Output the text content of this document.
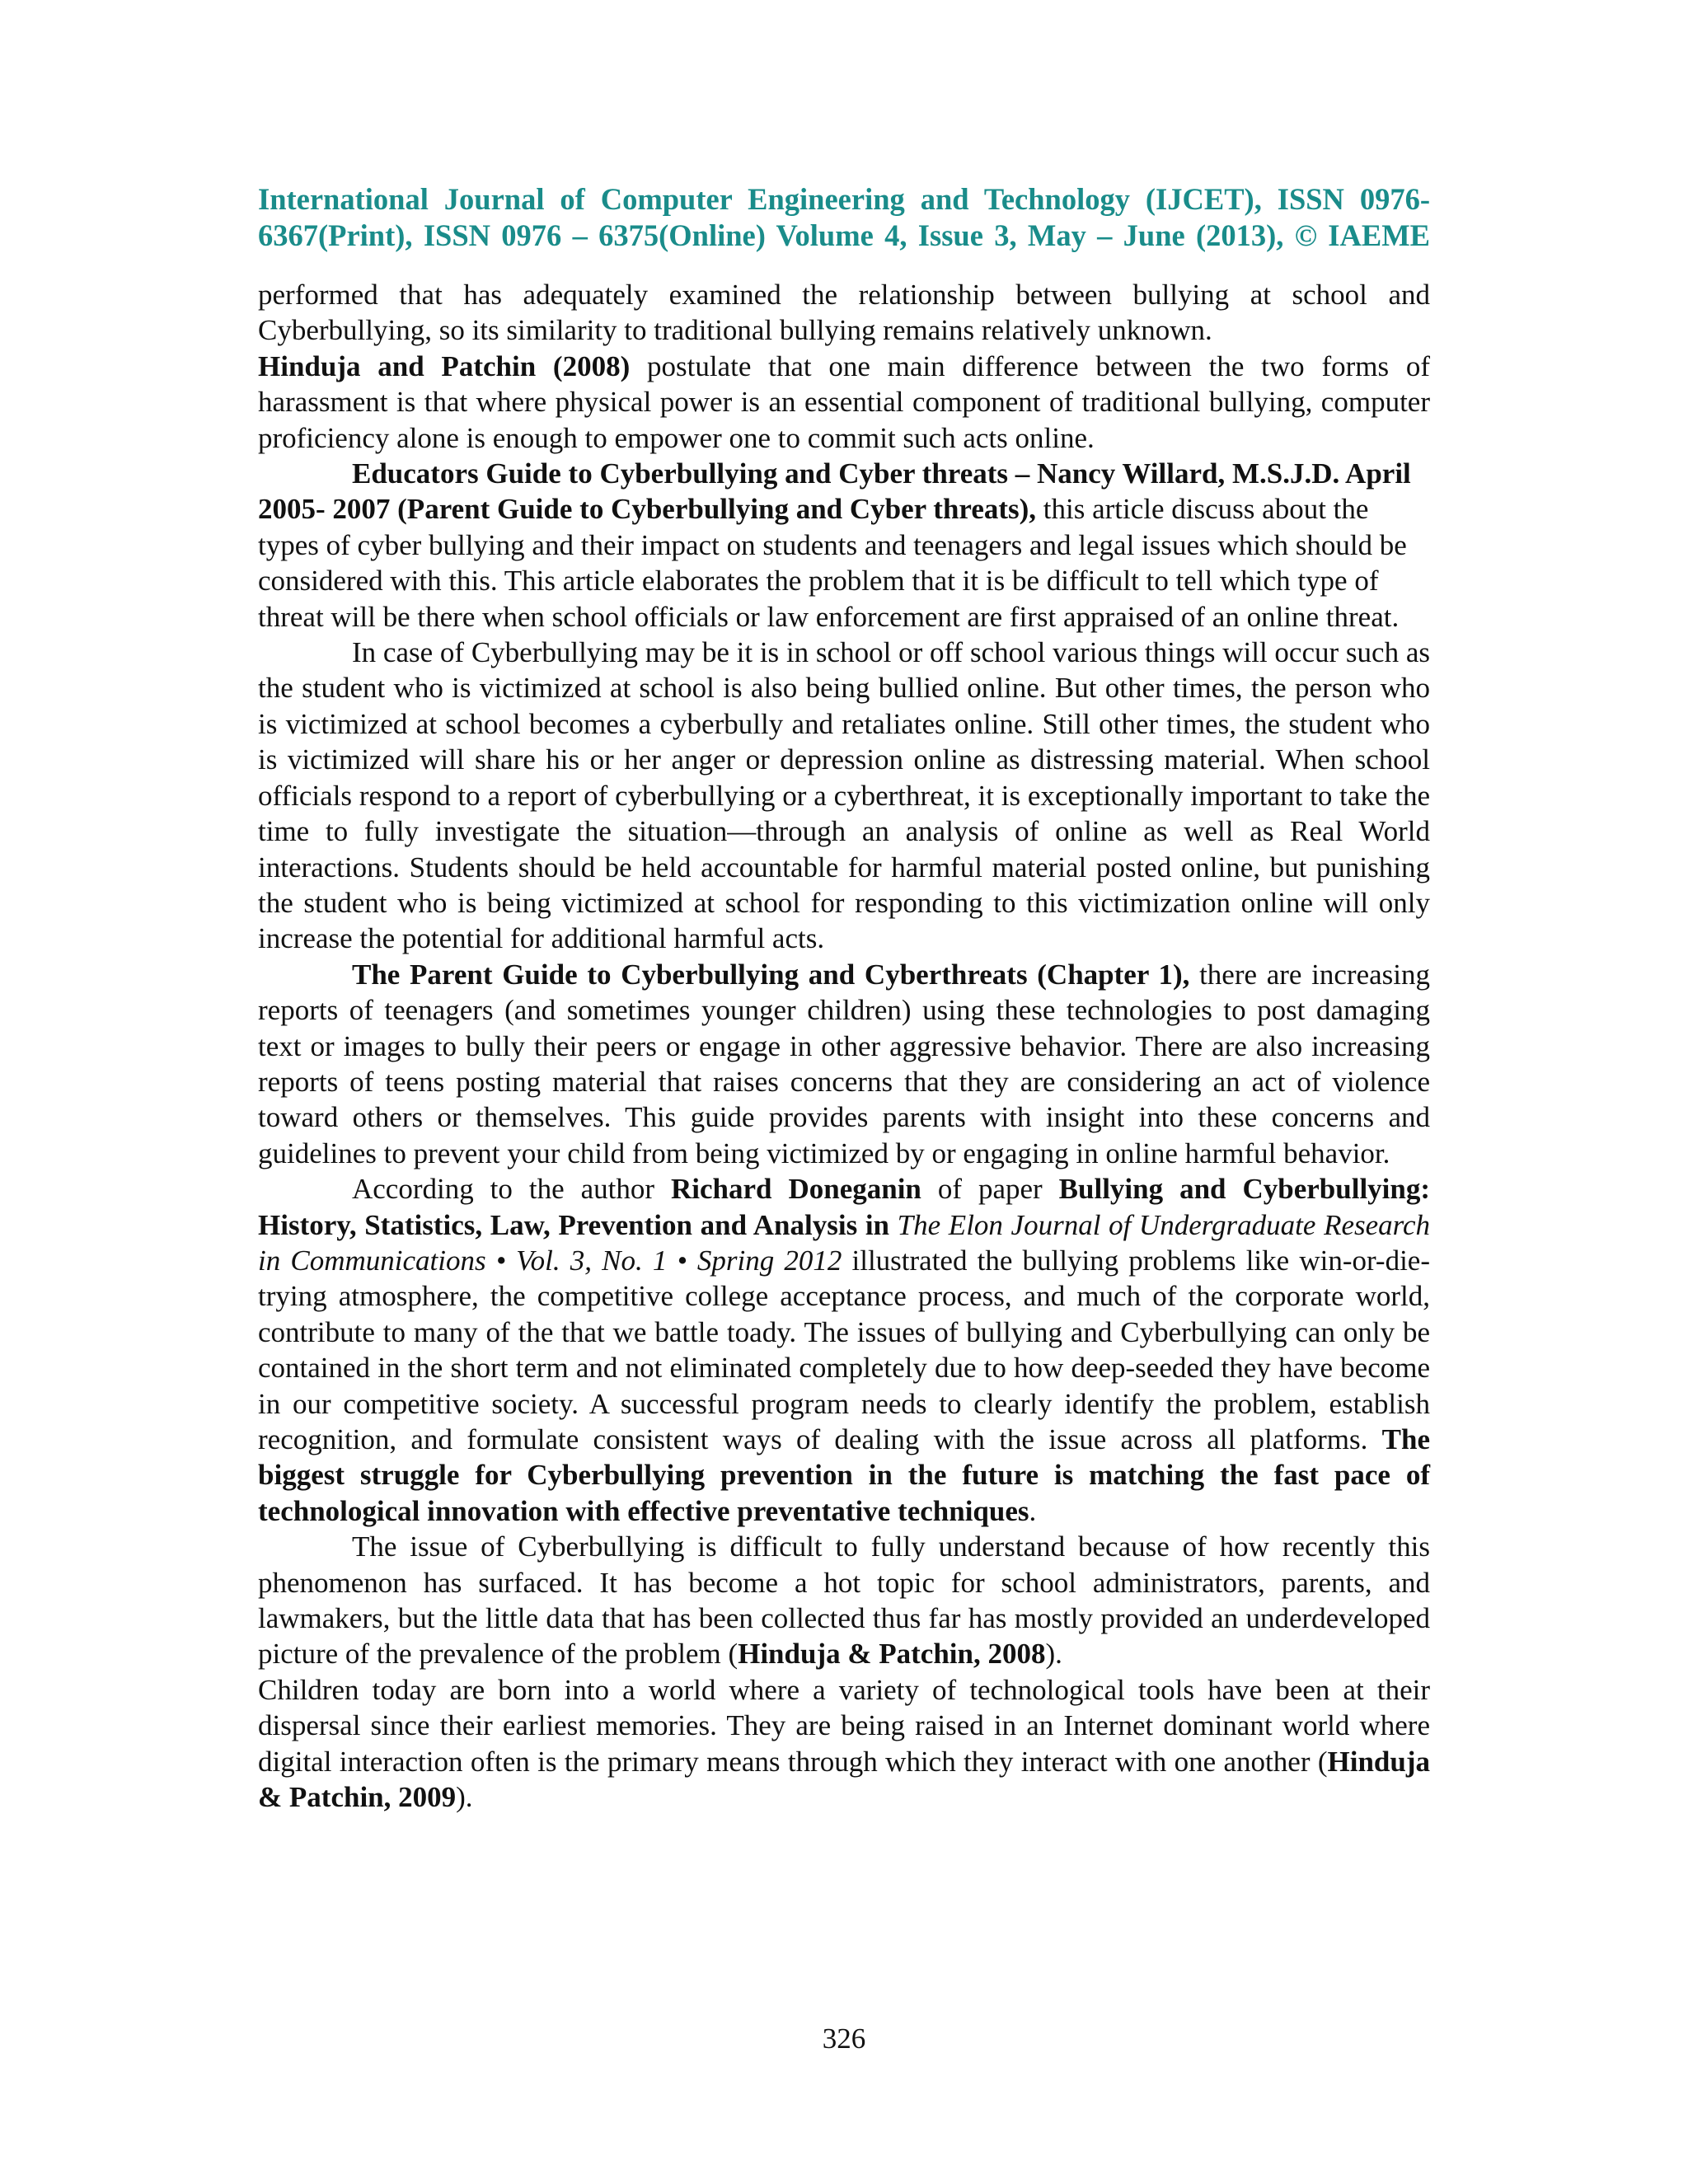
International Journal of Computer Engineering and Technology (IJCET), ISSN 0976-
6367(Print), ISSN 0976 – 6375(Online) Volume 4, Issue 3, May – June (2013), © IAEME

performed that has adequately examined the relationship between bullying at school and Cyberbullying, so its similarity to traditional bullying remains relatively unknown.

Hinduja and Patchin (2008) postulate that one main difference between the two forms of harassment is that where physical power is an essential component of traditional bullying, computer proficiency alone is enough to empower one to commit such acts online.

Educators Guide to Cyberbullying and Cyber threats – Nancy Willard, M.S.J.D. April 2005- 2007 (Parent Guide to Cyberbullying and Cyber threats), this article discuss about the types of cyber bullying and their impact on students and teenagers and legal issues which should be considered with this. This article elaborates the problem that it is be difficult to tell which type of threat will be there when school officials or law enforcement are first appraised of an online threat.

In case of Cyberbullying may be it is in school or off school various things will occur such as the student who is victimized at school is also being bullied online. But other times, the person who is victimized at school becomes a cyberbully and retaliates online. Still other times, the student who is victimized will share his or her anger or depression online as distressing material. When school officials respond to a report of cyberbullying or a cyberthreat, it is exceptionally important to take the time to fully investigate the situation—through an analysis of online as well as Real World interactions. Students should be held accountable for harmful material posted online, but punishing the student who is being victimized at school for responding to this victimization online will only increase the potential for additional harmful acts.

The Parent Guide to Cyberbullying and Cyberthreats (Chapter 1), there are increasing reports of teenagers (and sometimes younger children) using these technologies to post damaging text or images to bully their peers or engage in other aggressive behavior. There are also increasing reports of teens posting material that raises concerns that they are considering an act of violence toward others or themselves. This guide provides parents with insight into these concerns and guidelines to prevent your child from being victimized by or engaging in online harmful behavior.

According to the author Richard Doneganin of paper Bullying and Cyberbullying: History, Statistics, Law, Prevention and Analysis in The Elon Journal of Undergraduate Research in Communications • Vol. 3, No. 1 • Spring 2012 illustrated the bullying problems like win-or-die-trying atmosphere, the competitive college acceptance process, and much of the corporate world, contribute to many of the that we battle toady. The issues of bullying and Cyberbullying can only be contained in the short term and not eliminated completely due to how deep-seeded they have become in our competitive society. A successful program needs to clearly identify the problem, establish recognition, and formulate consistent ways of dealing with the issue across all platforms. The biggest struggle for Cyberbullying prevention in the future is matching the fast pace of technological innovation with effective preventative techniques.

The issue of Cyberbullying is difficult to fully understand because of how recently this phenomenon has surfaced. It has become a hot topic for school administrators, parents, and lawmakers, but the little data that has been collected thus far has mostly provided an underdeveloped picture of the prevalence of the problem (Hinduja & Patchin, 2008).

Children today are born into a world where a variety of technological tools have been at their dispersal since their earliest memories. They are being raised in an Internet dominant world where digital interaction often is the primary means through which they interact with one another (Hinduja & Patchin, 2009).

326
